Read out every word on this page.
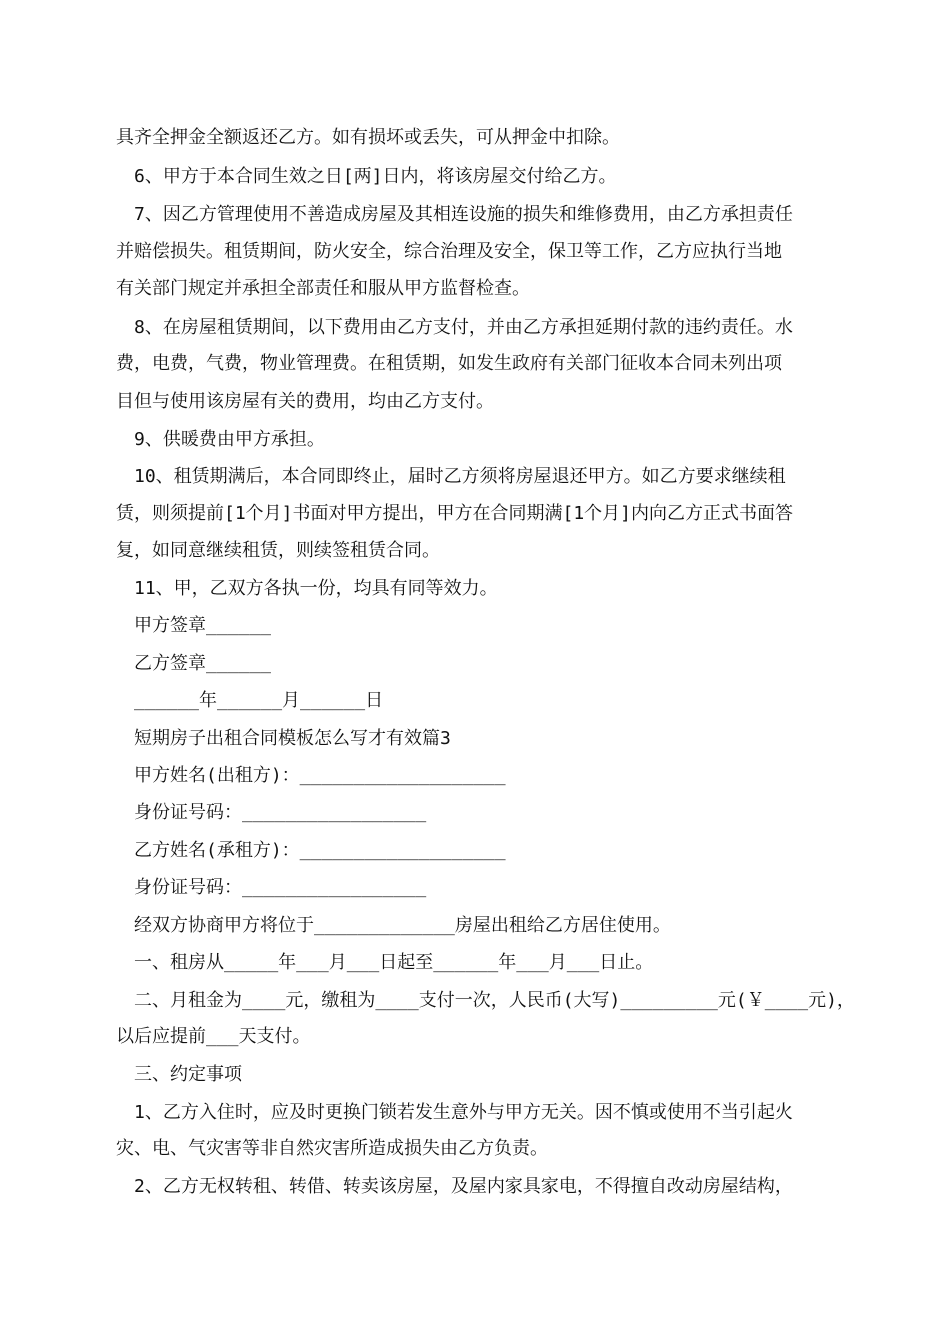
具齐全押金全额返还乙方。如有损坏或丢失，可从押金中扣除。
6、甲方于本合同生效之日[两]日内，将该房屋交付给乙方。
7、因乙方管理使用不善造成房屋及其相连设施的损失和维修费用，由乙方承担责任
并赔偿损失。租赁期间，防火安全，综合治理及安全，保卫等工作，乙方应执行当地
有关部门规定并承担全部责任和服从甲方监督检查。
8、在房屋租赁期间，以下费用由乙方支付，并由乙方承担延期付款的违约责任。水
费，电费，气费，物业管理费。在租赁期，如发生政府有关部门征收本合同未列出项
目但与使用该房屋有关的费用，均由乙方支付。
9、供暖费由甲方承担。
10、租赁期满后，本合同即终止，届时乙方须将房屋退还甲方。如乙方要求继续租
赁，则须提前[1个月]书面对甲方提出，甲方在合同期满[1个月]内向乙方正式书面答
复，如同意继续租赁，则续签租赁合同。
11、甲，乙双方各执一份，均具有同等效力。
甲方签章______
乙方签章______
______年______月______日
短期房子出租合同模板怎么写才有效篇3
甲方姓名(出租方)：___________________
身份证号码：_________________
乙方姓名(承租方)：___________________
身份证号码：_________________
经双方协商甲方将位于_____________房屋出租给乙方居住使用。
一、租房从_____年___月___日起至______年___月___日止。
二、月租金为____元，缴租为____支付一次，人民币(大写)_________元(￥____元)，
以后应提前___天支付。
三、约定事项
1、乙方入住时，应及时更换门锁若发生意外与甲方无关。因不慎或使用不当引起火
灾、电、气灾害等非自然灾害所造成损失由乙方负责。
2、乙方无权转租、转借、转卖该房屋，及屋内家具家电，不得擅自改动房屋结构，
